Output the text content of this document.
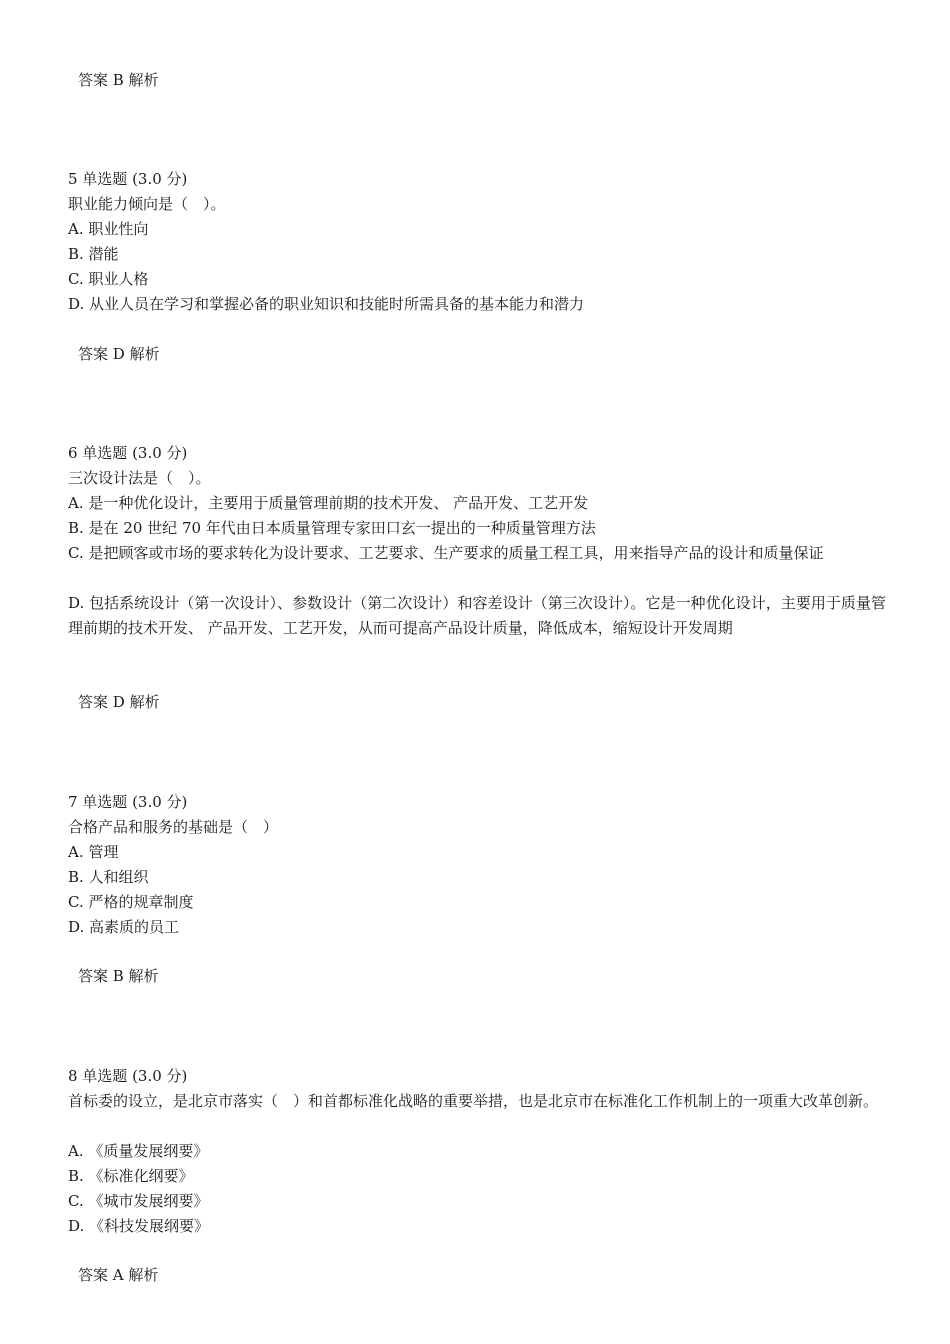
答案 B 解析
5 单选题 (3.0 分)
职业能力倾向是（　）。
A. 职业性向
B. 潜能
C. 职业人格
D. 从业人员在学习和掌握必备的职业知识和技能时所需具备的基本能力和潜力
答案 D 解析
6 单选题 (3.0 分)
三次设计法是（　）。
A. 是一种优化设计，主要用于质量管理前期的技术开发、 产品开发、工艺开发
B. 是在 20 世纪 70 年代由日本质量管理专家田口玄一提出的一种质量管理方法
C. 是把顾客或市场的要求转化为设计要求、工艺要求、生产要求的质量工程工具，用来指导产品的设计和质量保证
D. 包括系统设计（第一次设计）、参数设计（第二次设计）和容差设计（第三次设计）。它是一种优化设计，主要用于质量管理前期的技术开发、 产品开发、工艺开发，从而可提高产品设计质量，降低成本，缩短设计开发周期
答案 D 解析
7 单选题 (3.0 分)
合格产品和服务的基础是（　）
A. 管理
B. 人和组织
C. 严格的规章制度
D. 高素质的员工
答案 B 解析
8 单选题 (3.0 分)
首标委的设立，是北京市落实（　）和首都标准化战略的重要举措，也是北京市在标准化工作机制上的一项重大改革创新。
A. 《质量发展纲要》
B. 《标准化纲要》
C. 《城市发展纲要》
D. 《科技发展纲要》
答案 A 解析
